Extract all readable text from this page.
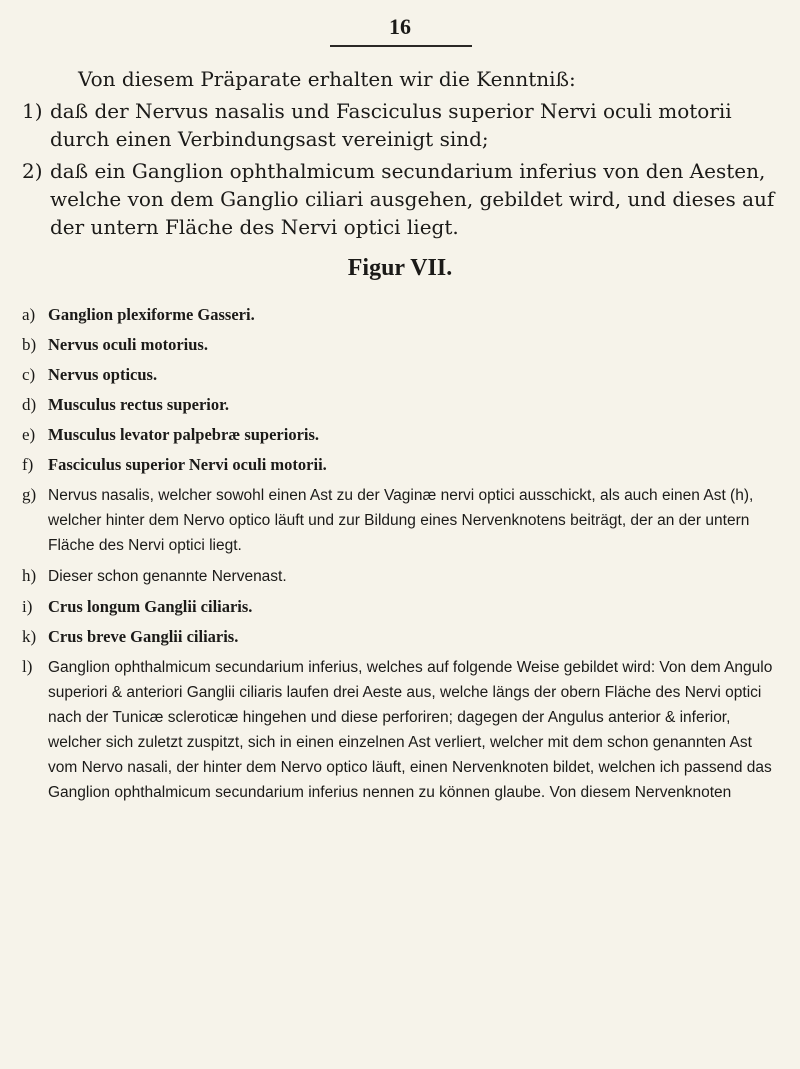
16
Von diesem Präparate erhalten wir die Kenntniß:
1) daß der Nervus nasalis und Fasciculus superior Nervi oculi motorii durch einen Verbindungsast vereinigt sind;
2) daß ein Ganglion ophthalmicum secundarium inferius von den Aesten, welche von dem Ganglio ciliari ausgehen, gebildet wird, und dieses auf der untern Fläche des Nervi optici liegt.
Figur VII.
a) Ganglion plexiforme Gasseri.
b) Nervus oculi motorius.
c) Nervus opticus.
d) Musculus rectus superior.
e) Musculus levator palpebræ superioris.
f) Fasciculus superior Nervi oculi motorii.
g) Nervus nasalis, welcher sowohl einen Ast zu der Vaginæ nervi optici ausschickt, als auch einen Ast (h), welcher hinter dem Nervo optico läuft und zur Bildung eines Nervenknotens beiträgt, der an der untern Fläche des Nervi optici liegt.
h) Dieser schon genannte Nervenast.
i) Crus longum Ganglii ciliaris.
k) Crus breve Ganglii ciliaris.
l) Ganglion ophthalmicum secundarium inferius, welches auf folgende Weise gebildet wird: Von dem Angulo superiori & anteriori Ganglii ciliaris laufen drei Aeste aus, welche längs der obern Fläche des Nervi optici nach der Tunicæ scleroticæ hingehen und diese perforiren; dagegen der Angulus anterior & inferior, welcher sich zuletzt zuspitzt, sich in einen einzelnen Ast verliert, welcher mit dem schon genannten Ast vom Nervo nasali, der hinter dem Nervo optico läuft, einen Nervenknoten bildet, welchen ich passend das Ganglion ophthalmicum secundarium inferius nennen zu können glaube. Von diesem Nervenknoten
